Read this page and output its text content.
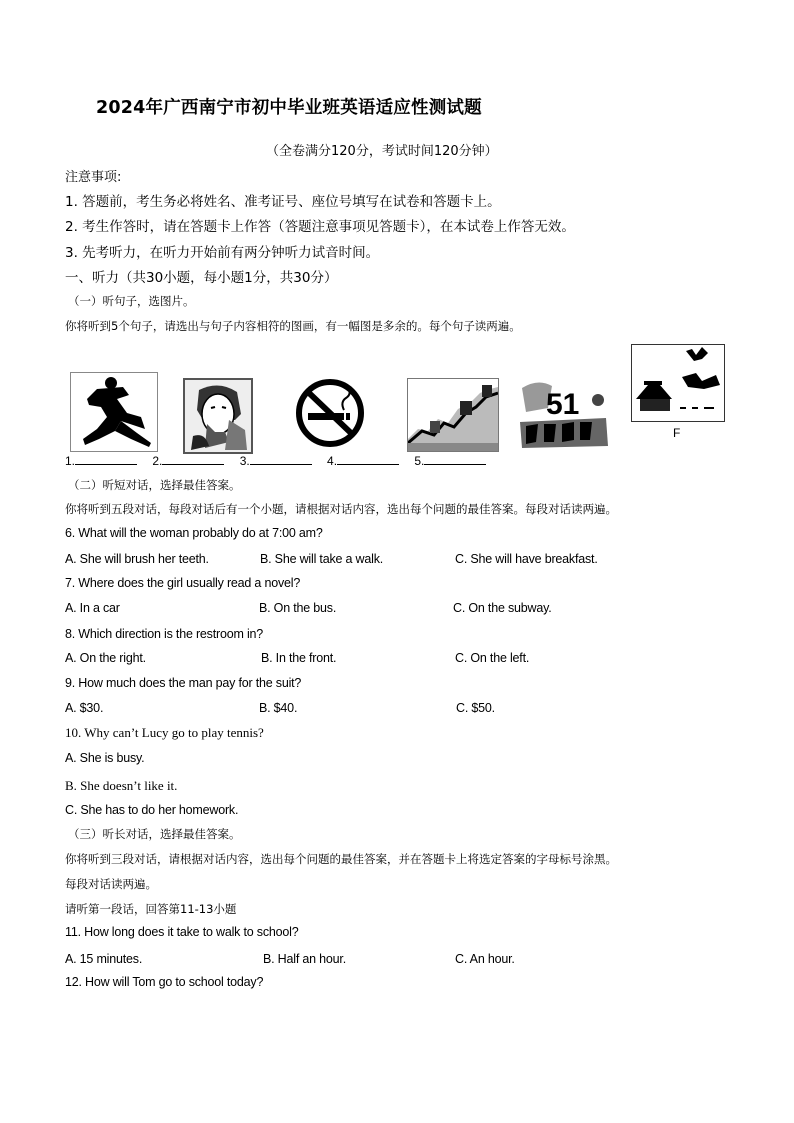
2024年广西南宁市初中毕业班英语适应性测试题
（全卷满分120分，考试时间120分钟）
注意事项:
1. 答题前，考生务必将姓名、准考证号、座位号填写在试卷和答题卡上。
2. 考生作答时，请在答题卡上作答（答题注意事项见答题卡），在本试卷上作答无效。
3. 先考听力，在听力开始前有两分钟听力试音时间。
一、听力（共30小题，每小题1分，共30分）
（一）听句子，选图片。
你将听到5个句子，请选出与句子内容相符的图画，有一幅图是多余的。每个句子读两遍。
51
F
1.	2.	3.	4.	5.
（二）听短对话，选择最佳答案。
你将听到五段对话，每段对话后有一个小题，请根据对话内容，选出每个问题的最佳答案。每段对话读两遍。
6. What will the woman probably do at 7:00 am?
A. She will brush her teeth.	B. She will take a walk.	C. She will have breakfast.
7. Where does the girl usually read a novel?
A. In a car	B. On the bus.	C. On the subway.
8. Which direction is the restroom in?
A. On the right.	B. In the front.	C. On the left.
9. How much does the man pay for the suit?
A. $30.	B. $40.	C. $50.
10. Why can’t Lucy go to play tennis?
A. She is busy.
B. She doesn’t like it.
C. She has to do her homework.
（三）听长对话，选择最佳答案。
你将听到三段对话，请根据对话内容，选出每个问题的最佳答案，并在答题卡上将选定答案的字母标号涂黑。
每段对话读两遍。
请听第一段话，回答第11-13小题
11. How long does it take to walk to school?
A. 15 minutes.	B. Half an hour.	C. An hour.
12. How will Tom go to school today?
